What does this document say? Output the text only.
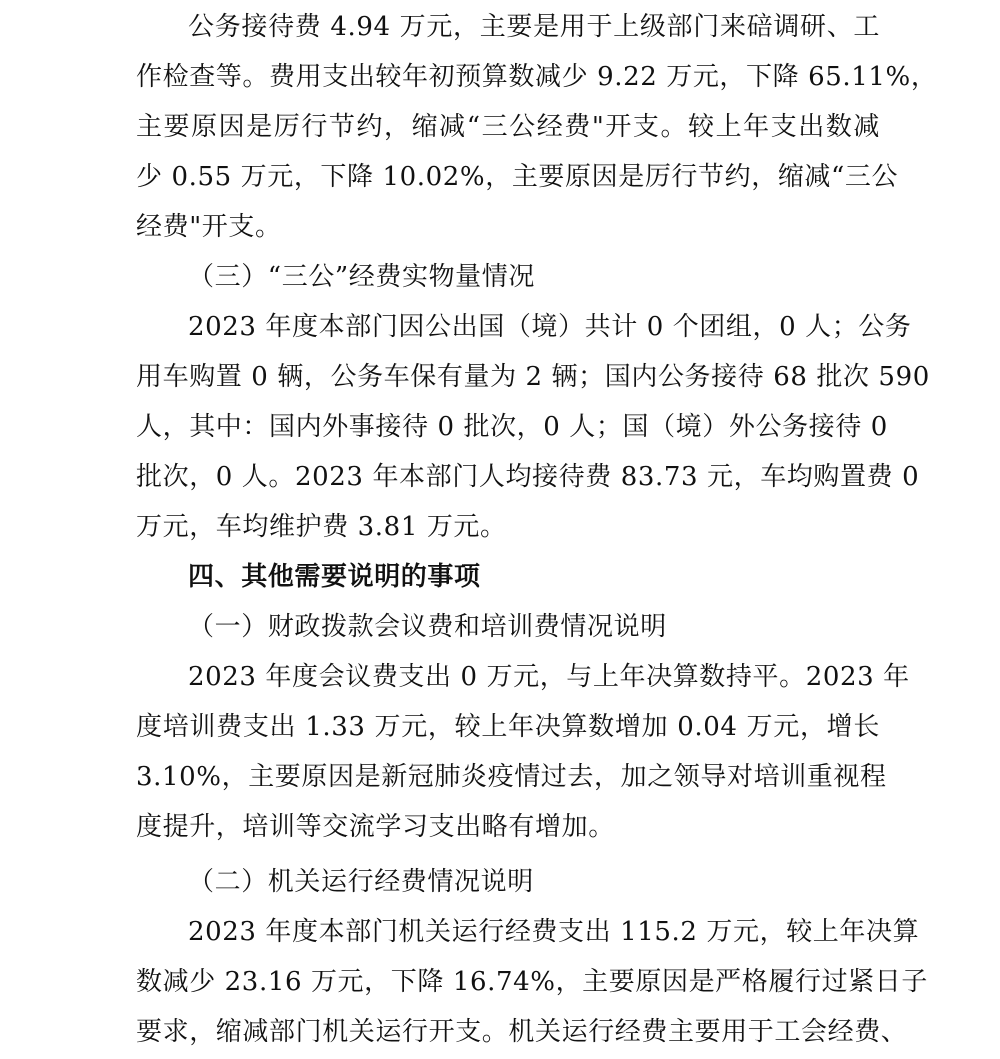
公务接待费 4.94 万元，主要是用于上级部门来碚调研、工
作检查等。费用支出较年初预算数减少 9.22 万元，下降 65.11%，
主要原因是厉行节约，缩减“三公经费"开支。较上年支出数减
少 0.55 万元，下降 10.02%，主要原因是厉行节约，缩减“三公
经费"开支。
（三）“三公”经费实物量情况
2023 年度本部门因公出国（境）共计 0 个团组，0 人；公务
用车购置 0 辆，公务车保有量为 2 辆；国内公务接待 68 批次 590
人，其中：国内外事接待 0 批次，0 人；国（境）外公务接待 0
批次，0 人。2023 年本部门人均接待费 83.73 元，车均购置费 0
万元，车均维护费 3.81 万元。
四、其他需要说明的事项
（一）财政拨款会议费和培训费情况说明
2023 年度会议费支出 0 万元，与上年决算数持平。2023 年
度培训费支出 1.33 万元，较上年决算数增加 0.04 万元，增长
3.10%，主要原因是新冠肺炎疫情过去，加之领导对培训重视程
度提升，培训等交流学习支出略有增加。
（二）机关运行经费情况说明
2023 年度本部门机关运行经费支出 115.2 万元，较上年决算
数减少 23.16 万元，下降 16.74%，主要原因是严格履行过紧日子
要求，缩减部门机关运行开支。机关运行经费主要用于工会经费、
